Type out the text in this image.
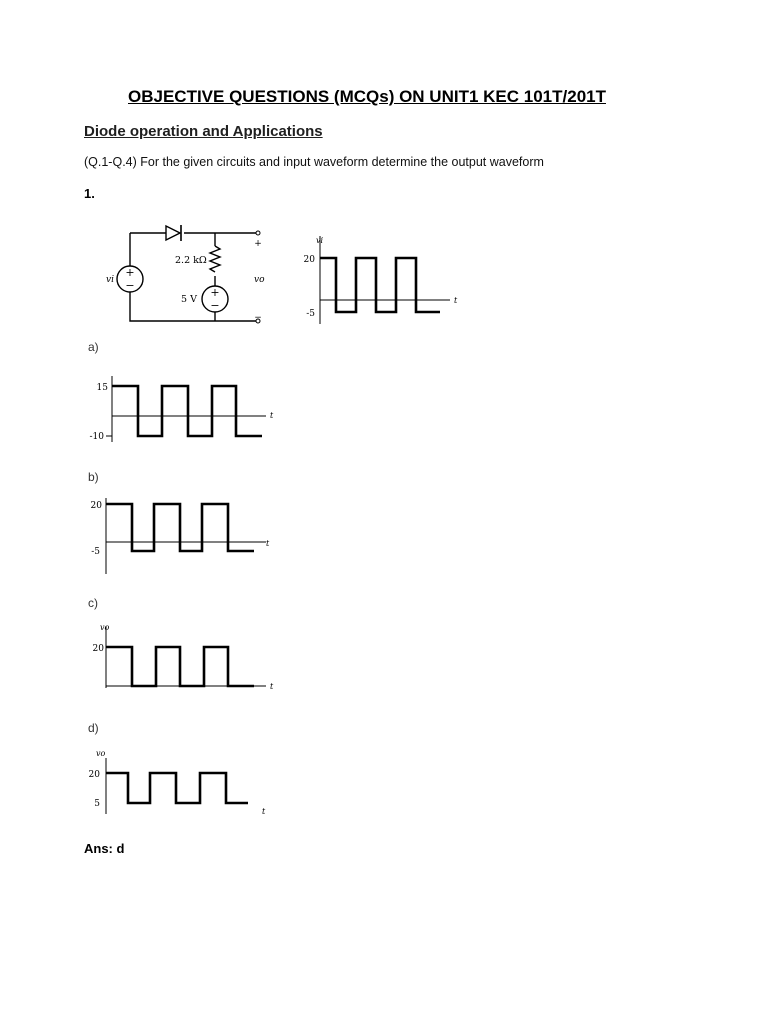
OBJECTIVE QUESTIONS (MCQs) ON UNIT1 KEC 101T/201T
Diode operation and Applications
(Q.1-Q.4) For the given circuits and input waveform determine the output waveform
1.
+
−
+
−
+
−
2.2 kΩ
5 V
vi	vo
vi
20
-5
t
a)
15
-10
t
b)
20
-5
t
c)
vo
20
t
d)
vo
20
5
t
Ans: d
